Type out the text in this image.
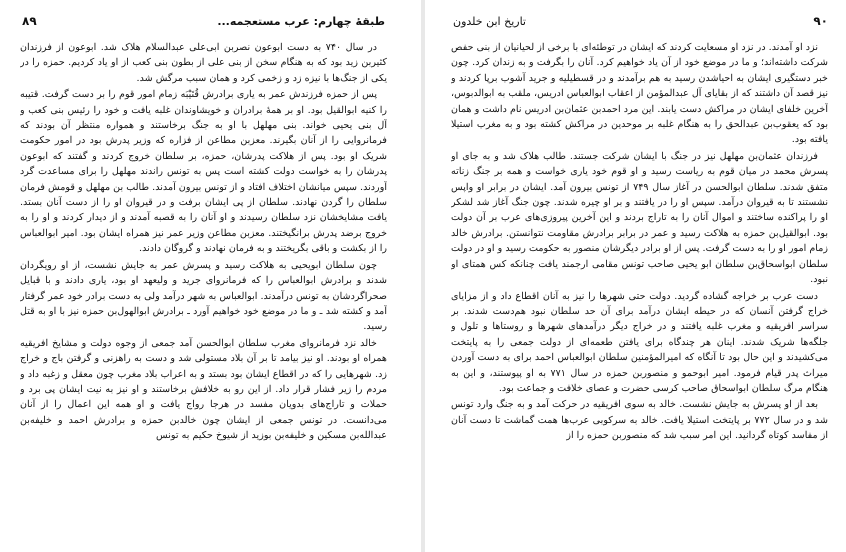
۹۰
تاریخ ابن خلدون

نزد او آمدند. در نزد او مسعایت کردند که ایشان در توطئه‌ای با برخی از لحیانیان از بنی حفص شرکت داشته‌اند؛ و ما در موضع خود از آن یاد خواهیم کرد. آنان را بگرفت و به زندان کرد. چون خبر دستگیری ایشان به احیاشدن رسید به هم برآمدند و در قسطیلیه و جرید آشوب برپا کردند و نیز قصد آن داشتند که از بقایای آل عبدالمؤمن از اعقاب ابوالعباس ادریس، ملقب به ابوالدبوس، آخرین خلفای ایشان در مراکش دست یابند. این مرد احمدبن عثمان‌بن ادریس نام داشت و همان بود که یعقوب‌بن عبدالحق را به هنگام غلبه بر موحدین در مراکش کشته بود و به مغرب استیلا یافته بود.

فرزندان عثمان‌بن مهلهل نیز در جنگ با ایشان شرکت جستند. طالب هلاک شد و به جای او پسرش محمد در میان قوم به ریاست رسید و او قوم خود یاری خواست و همه بر جنگ زناته متفق شدند. سلطان ابوالحسن در آغاز سال ۷۴۹ از تونس بیرون آمد. ایشان در برابر او واپس نشستند تا به قیروان درآمد. سپس او را در یافتند و بر او چیره شدند. چون جنگ آغاز شد لشکر او را پراکنده ساختند و اموال آنان را به تاراج بردند و این آخرین پیروزی‌های عرب بر آن دولت بود. ابوالقیل‌بن حمزه به هلاکت رسید و عمر در برابر برادرش مقاومت نتوانستن. برادرش خالد زمام امور او را به دست گرفت. پس از او برادر دیگرشان منصور به حکومت رسید و او در دولت سلطان ابواسحاق‌بن سلطان ابو یحیی صاحب تونس مقامی ارجمند یافت چنانکه کس همتای او نبود.

دست عرب بر خراجه گشاده گردید. دولت حتی شهرها را نیز به آنان اقطاع داد و از مزایای خراج گرفتن آنسان که در حیطه ایشان درآمد برای آن حد سلطان نبود هم‌دست شدند. بر سراسر افریقیه و مغرب غلبه یافتند و در خراج دیگر درآمدهای شهرها و روستاها و تلول و جلگه‌ها شریک شدند. اینان هر چندگاه برای یافتن طعمه‌ای از دولت جمعی را به پایتخت می‌کشیدند و این حال بود تا آنگاه که امیرالمؤمنین سلطان ابوالعباس احمد برای به دست آوردن میراث پدر قیام فرمود. امیر ابوحمو و منصوربن حمزه در سال ۷۷۱ به او پیوستند، و این به هنگام مرگ سلطان ابواسحاق صاحب کرسی حضرت و عصای خلافت و جماعت بود.

بعد از او پسرش به جایش نشست. خالد به سوی افریقیه در حرکت آمد و به جنگ وارد تونس شد و در سال ۷۷۲ بر پایتخت استیلا یافت. خالد به سرکوبی عرب‌ها همت گماشت تا دست آنان از مفاسد کوتاه گردانید. این امر سبب شد که منصوربن حمزه را از

طبقهٔ چهارم: عرب مستعجمه...
۸۹

در سال ۷۴۰ به دست ابوعون نصربن ابی‌علی عبدالسلام هلاک شد. ابوعون از فرزندان کثیربن زید بود که به هنگام سخن از بنی علی از بطون بنی کعب از او یاد کردیم. حمزه را در یکی از جنگ‌ها با نیزه زد و زخمی کرد و همان سبب مرگش شد.

پس از حمزه فرزندش عمر به یاری برادرش قُتَیْبَه زمام امور قوم را بر دست گرفت. قتیبه را کنیه ابوالقیل بود. او بر همهٔ برادران و خویشاوندان غلبه یافت و خود را رئیس بنی کعب و آل بنی یحیی خواند. بنی مهلهل با او به جنگ برخاستند و همواره منتظر آن بودند که فرمانروایی را از آنان بگیرند. معزبن مطاعن از فزاره که وزیر پدرش بود در امور حکومت شریک او بود. پس از هلاکت پدرشان، حمزه، بر سلطان خروج کردند و گفتند که ابوعون پدرشان را به خواست دولت کشته است پس به تونس راندند مهلهل را برای مساعدت گرد آوردند. سپس میانشان اختلاف افتاد و از تونس بیرون آمدند. طالب بن مهلهل و قومش فرمان سلطان را گردن نهادند. سلطان از پی ایشان برفت و در قیروان او را از دست آنان بستد. یافت مشایخشان نزد سلطان رسیدند و او آنان را به قصبه آمدند و از دیدار کردند و او را به خروج برضد پدرش برانگیختند. معزبن مطاعن وزیر عمر نیز همراه ایشان بود. امیر ابوالعباس را از بکشت و باقی بگریختند و به فرمان نهادند و گروگان دادند.

چون سلطان ابویحیی به هلاکت رسید و پسرش عمر به جایش نشست، از او رویگردان شدند و برادرش ابوالعباس را که فرمانروای جرید و ولیعهد او بود، یاری دادند و با قبایل صحراگردشان به تونس درآمدند. ابوالعباس به شهر درآمد ولی به دست برادر خود عمر گرفتار آمد و کشته شد ـ و ما در موضع خود خواهیم آورد ـ برادرش ابوالهول‌بن حمزه نیز با او به قتل رسید.

خالد نزد فرمانروای مغرب سلطان ابوالحسن آمد جمعی از وجوه دولت و مشایخ افریقیه همراه او بودند. او نیز بیامد تا بر آن بلاد مستولی شد و دست به راهزنی و گرفتن باج و خراج زد. شهرهایی را که در اقطاع ایشان بود بستد و به اعراب بلاد مغرب چون معقل و زغبه داد و مردم را زیر فشار قرار داد. از این رو به خلافش برخاستند و او نیز به نیت ایشان پی برد و حملات و تاراج‌های بدویان مفسد در هرجا رواج یافت و او همه این اعمال را از آنان می‌دانست. در تونس جمعی از ایشان چون خالدبن حمزه و برادرش احمد و خلیفه‌بن عبدالله‌بن مسکین و خلیفه‌بن بوزید از شیوخ حکیم به تونس
